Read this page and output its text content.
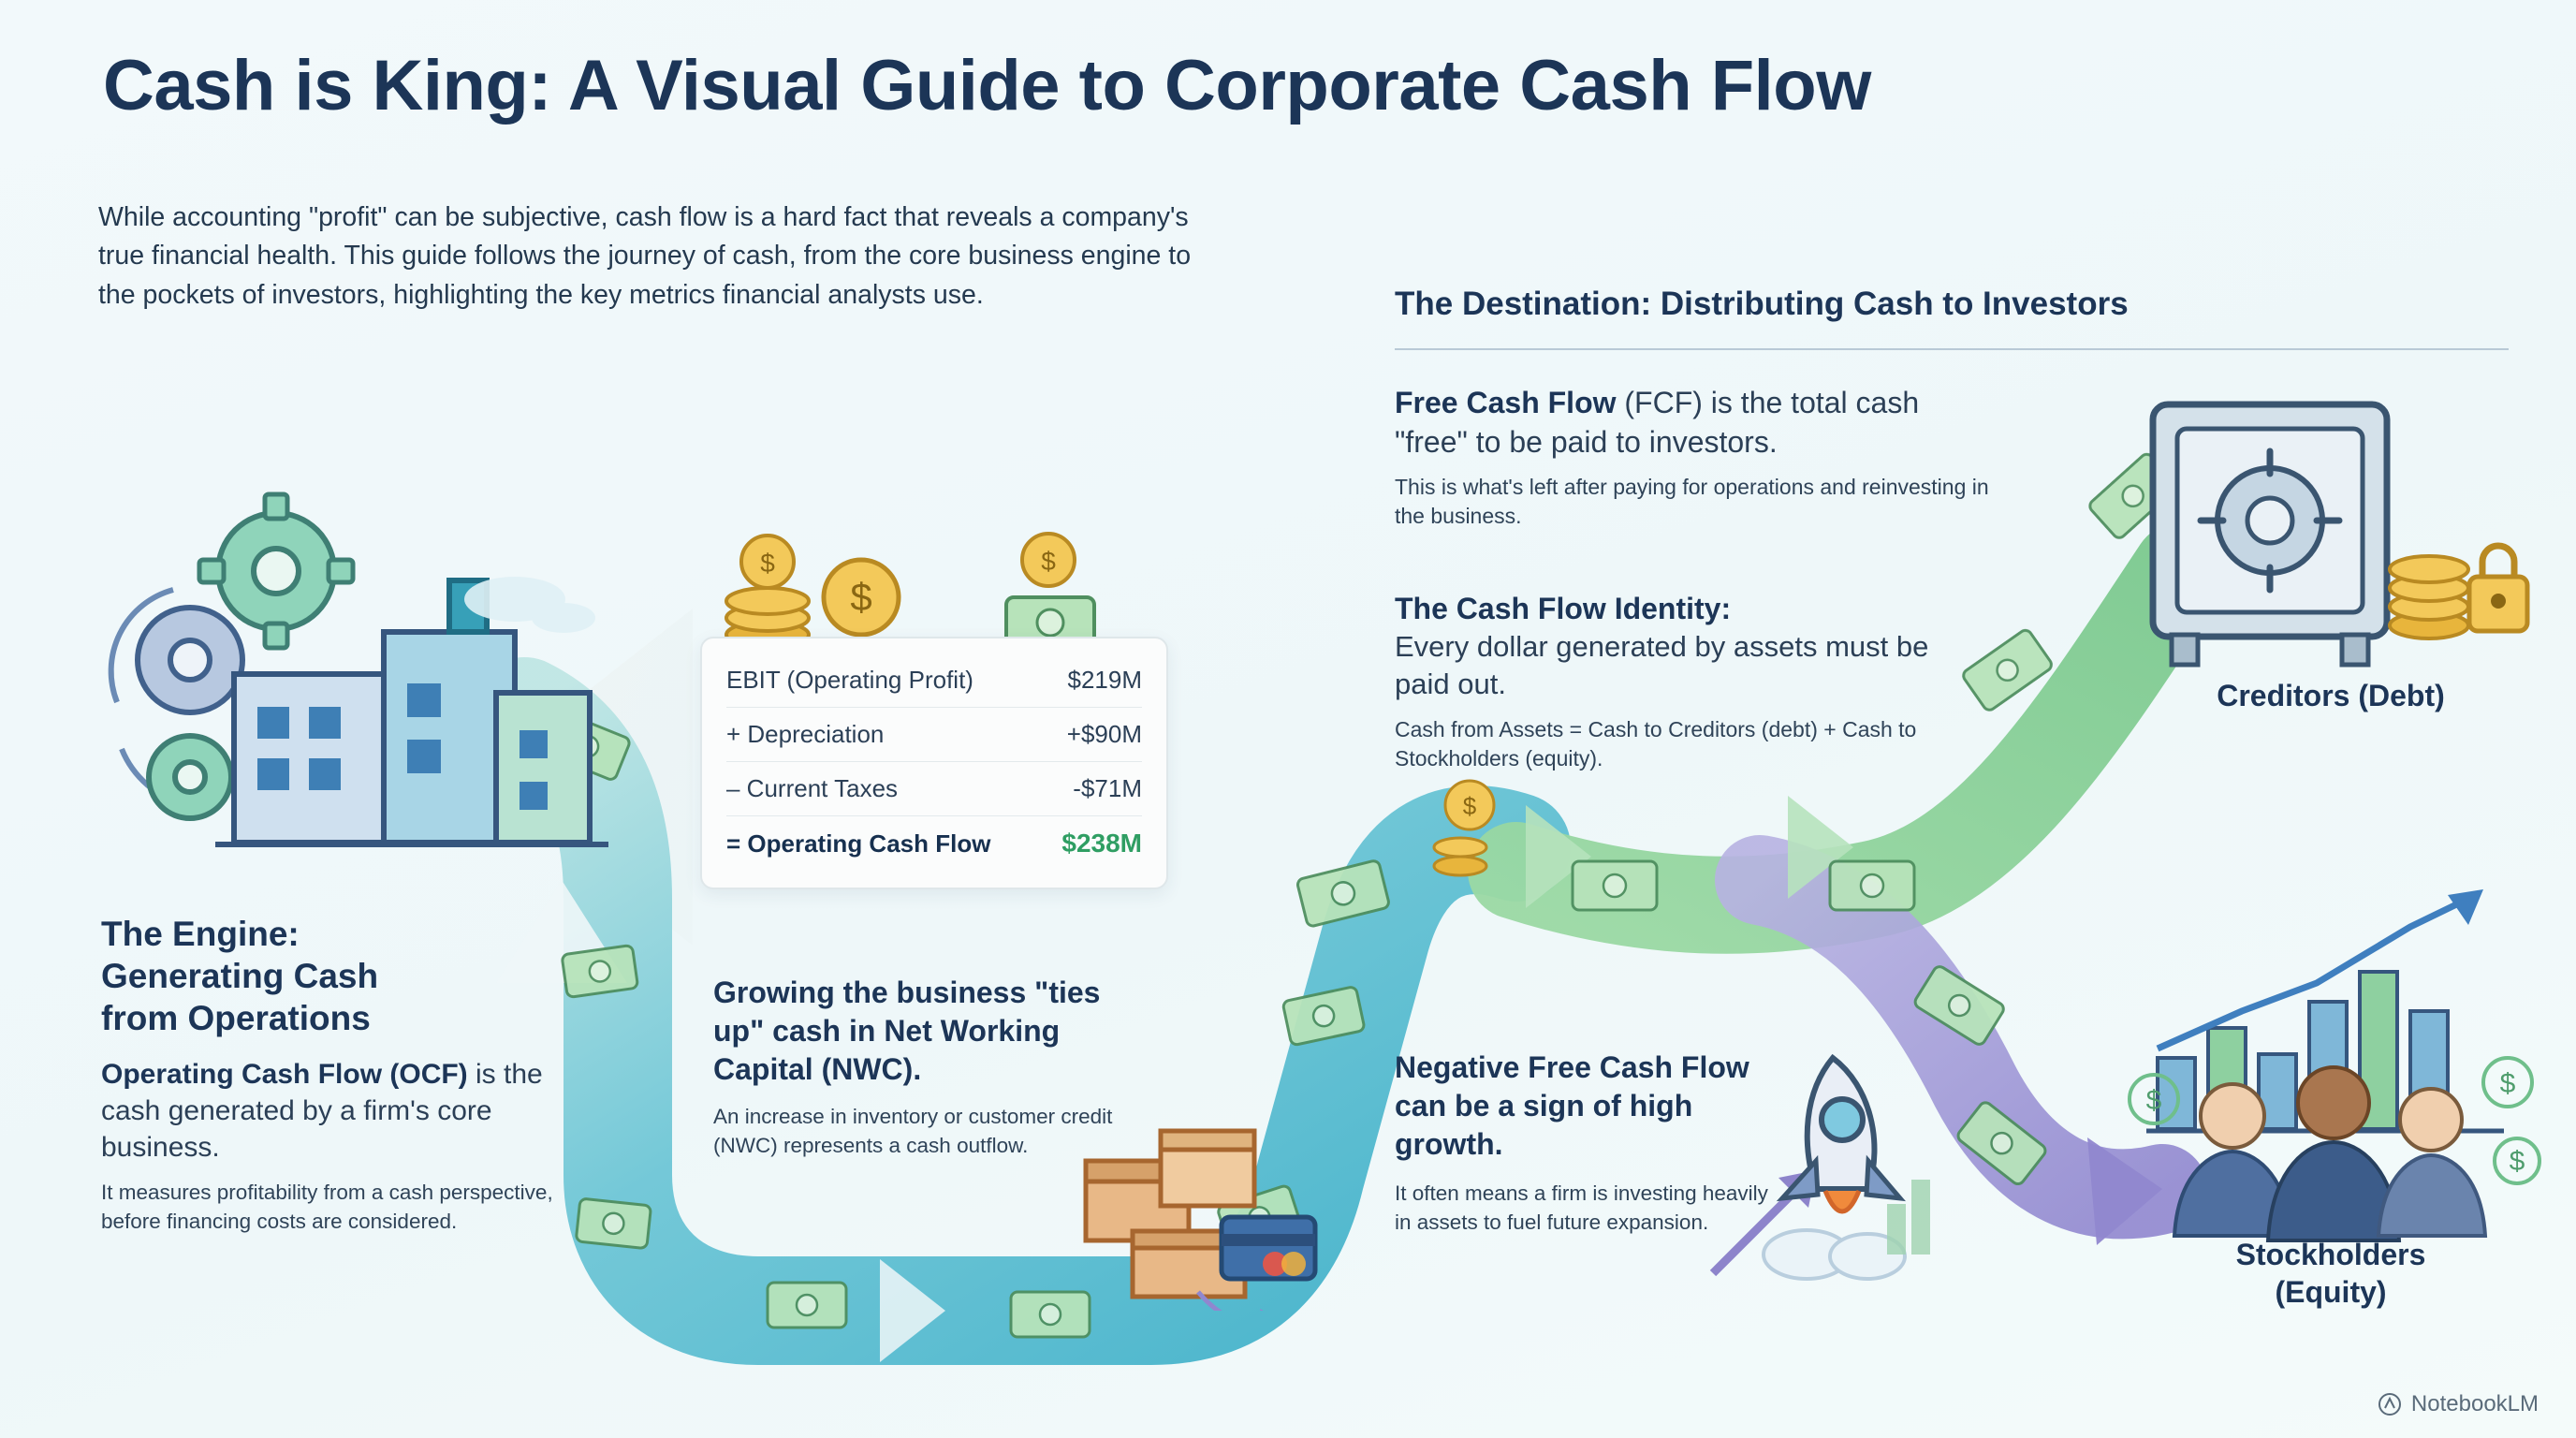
$
$
$
$
$
$
$
Cash is King: A Visual Guide to Corporate Cash Flow
While accounting "profit" can be subjective, cash flow is a hard fact that reveals a company's true financial health. This guide follows the journey of cash, from the core business engine to the pockets of investors, highlighting the key metrics financial analysts use.
The Engine:
Generating Cash
from Operations
Operating Cash Flow (OCF) is the cash generated by a firm's core business.
It measures profitability from a cash perspective, before financing costs are considered.
EBIT (Operating Profit)	$219M
+ Depreciation	+$90M
– Current Taxes	-$71M
= Operating Cash Flow	$238M
Growing the business "ties up" cash in Net Working Capital (NWC).
An increase in inventory or customer credit (NWC) represents a cash outflow.
The Destination: Distributing Cash to Investors
Free Cash Flow (FCF) is the total cash "free" to be paid to investors.
This is what's left after paying for operations and reinvesting in the business.
The Cash Flow Identity:
Every dollar generated by assets must be paid out.
Cash from Assets = Cash to Creditors (debt) + Cash to Stockholders (equity).
Negative Free Cash Flow can be a sign of high growth.
It often means a firm is investing heavily in assets to fuel future expansion.
Creditors (Debt)
Stockholders
(Equity)
NotebookLM
